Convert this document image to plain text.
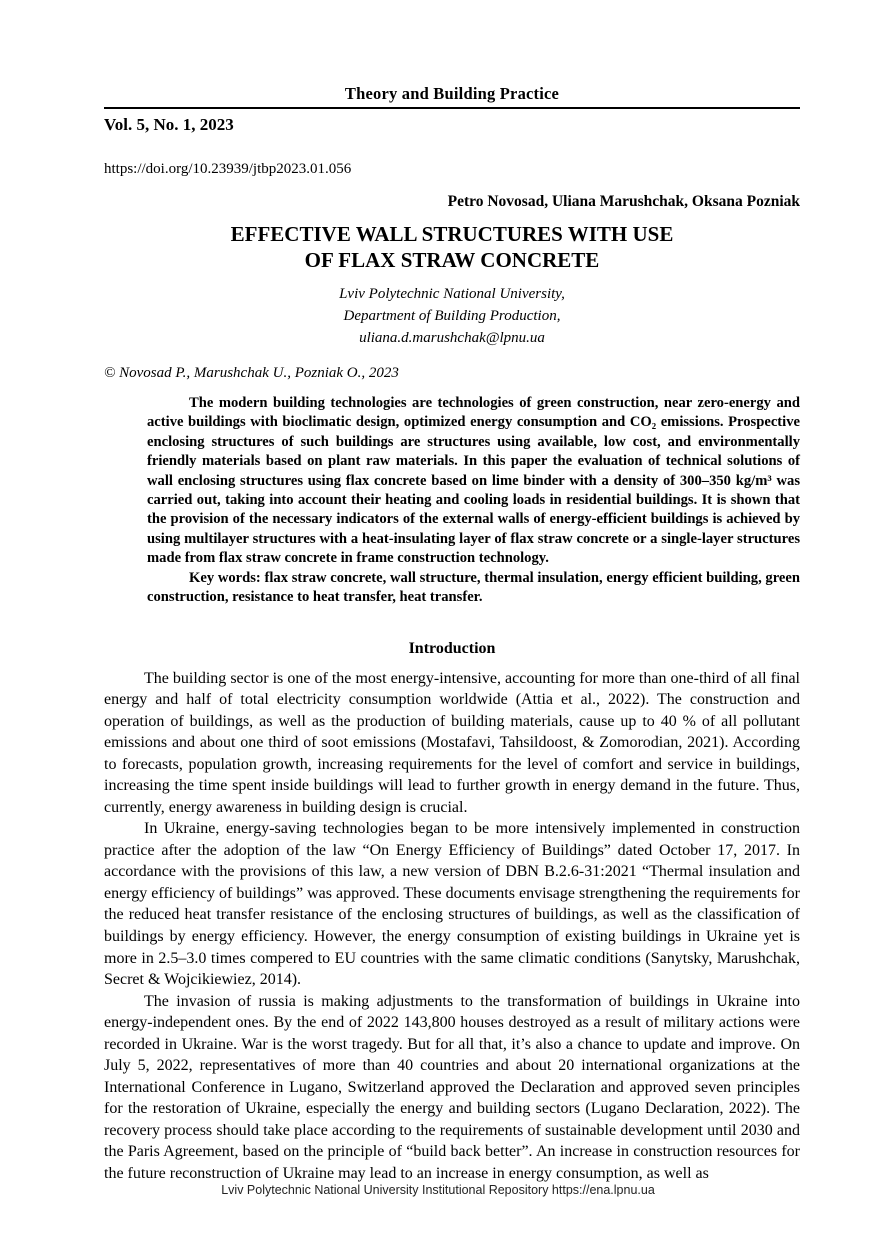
Theory and Building Practice
Vol. 5, No. 1, 2023
https://doi.org/10.23939/jtbp2023.01.056
Petro Novosad, Uliana Marushchak, Oksana Pozniak
EFFECTIVE WALL STRUCTURES WITH USE
OF FLAX STRAW CONCRETE
Lviv Polytechnic National University,
Department of Building Production,
uliana.d.marushchak@lpnu.ua
© Novosad P., Marushchak U., Pozniak O., 2023

The modern building technologies are technologies of green construction, near zero-energy and active buildings with bioclimatic design, optimized energy consumption and CO₂ emissions. Prospective enclosing structures of such buildings are structures using available, low cost, and environmentally friendly materials based on plant raw materials. In this paper the evaluation of technical solutions of wall enclosing structures using flax concrete based on lime binder with a density of 300–350 kg/m³ was carried out, taking into account their heating and cooling loads in residential buildings. It is shown that the provision of the necessary indicators of the external walls of energy-efficient buildings is achieved by using multilayer structures with a heat-insulating layer of flax straw concrete or a single-layer structures made from flax straw concrete in frame construction technology.

Key words: flax straw concrete, wall structure, thermal insulation, energy efficient building, green construction, resistance to heat transfer, heat transfer.

Introduction

The building sector is one of the most energy-intensive, accounting for more than one-third of all final energy and half of total electricity consumption worldwide (Attia et al., 2022). The construction and operation of buildings, as well as the production of building materials, cause up to 40 % of all pollutant emissions and about one third of soot emissions (Mostafavi, Tahsildoost, & Zomorodian, 2021). According to forecasts, population growth, increasing requirements for the level of comfort and service in buildings, increasing the time spent inside buildings will lead to further growth in energy demand in the future. Thus, currently, energy awareness in building design is crucial.

In Ukraine, energy-saving technologies began to be more intensively implemented in construction practice after the adoption of the law “On Energy Efficiency of Buildings” dated October 17, 2017. In accordance with the provisions of this law, a new version of DBN B.2.6-31:2021 “Thermal insulation and energy efficiency of buildings” was approved. These documents envisage strengthening the requirements for the reduced heat transfer resistance of the enclosing structures of buildings, as well as the classification of buildings by energy efficiency. However, the energy consumption of existing buildings in Ukraine yet is more in 2.5–3.0 times compered to EU countries with the same climatic conditions (Sanytsky, Marushchak, Secret & Wojcikiewiez, 2014).

The invasion of russia is making adjustments to the transformation of buildings in Ukraine into energy-independent ones. By the end of 2022 143,800 houses destroyed as a result of military actions were recorded in Ukraine. War is the worst tragedy. But for all that, it’s also a chance to update and improve. On July 5, 2022, representatives of more than 40 countries and about 20 international organizations at the International Conference in Lugano, Switzerland approved the Declaration and approved seven principles for the restoration of Ukraine, especially the energy and building sectors (Lugano Declaration, 2022). The recovery process should take place according to the requirements of sustainable development until 2030 and the Paris Agreement, based on the principle of “build back better”. An increase in construction resources for the future reconstruction of Ukraine may lead to an increase in energy consumption, as well as

Lviv Polytechnic National University Institutional Repository https://ena.lpnu.ua
